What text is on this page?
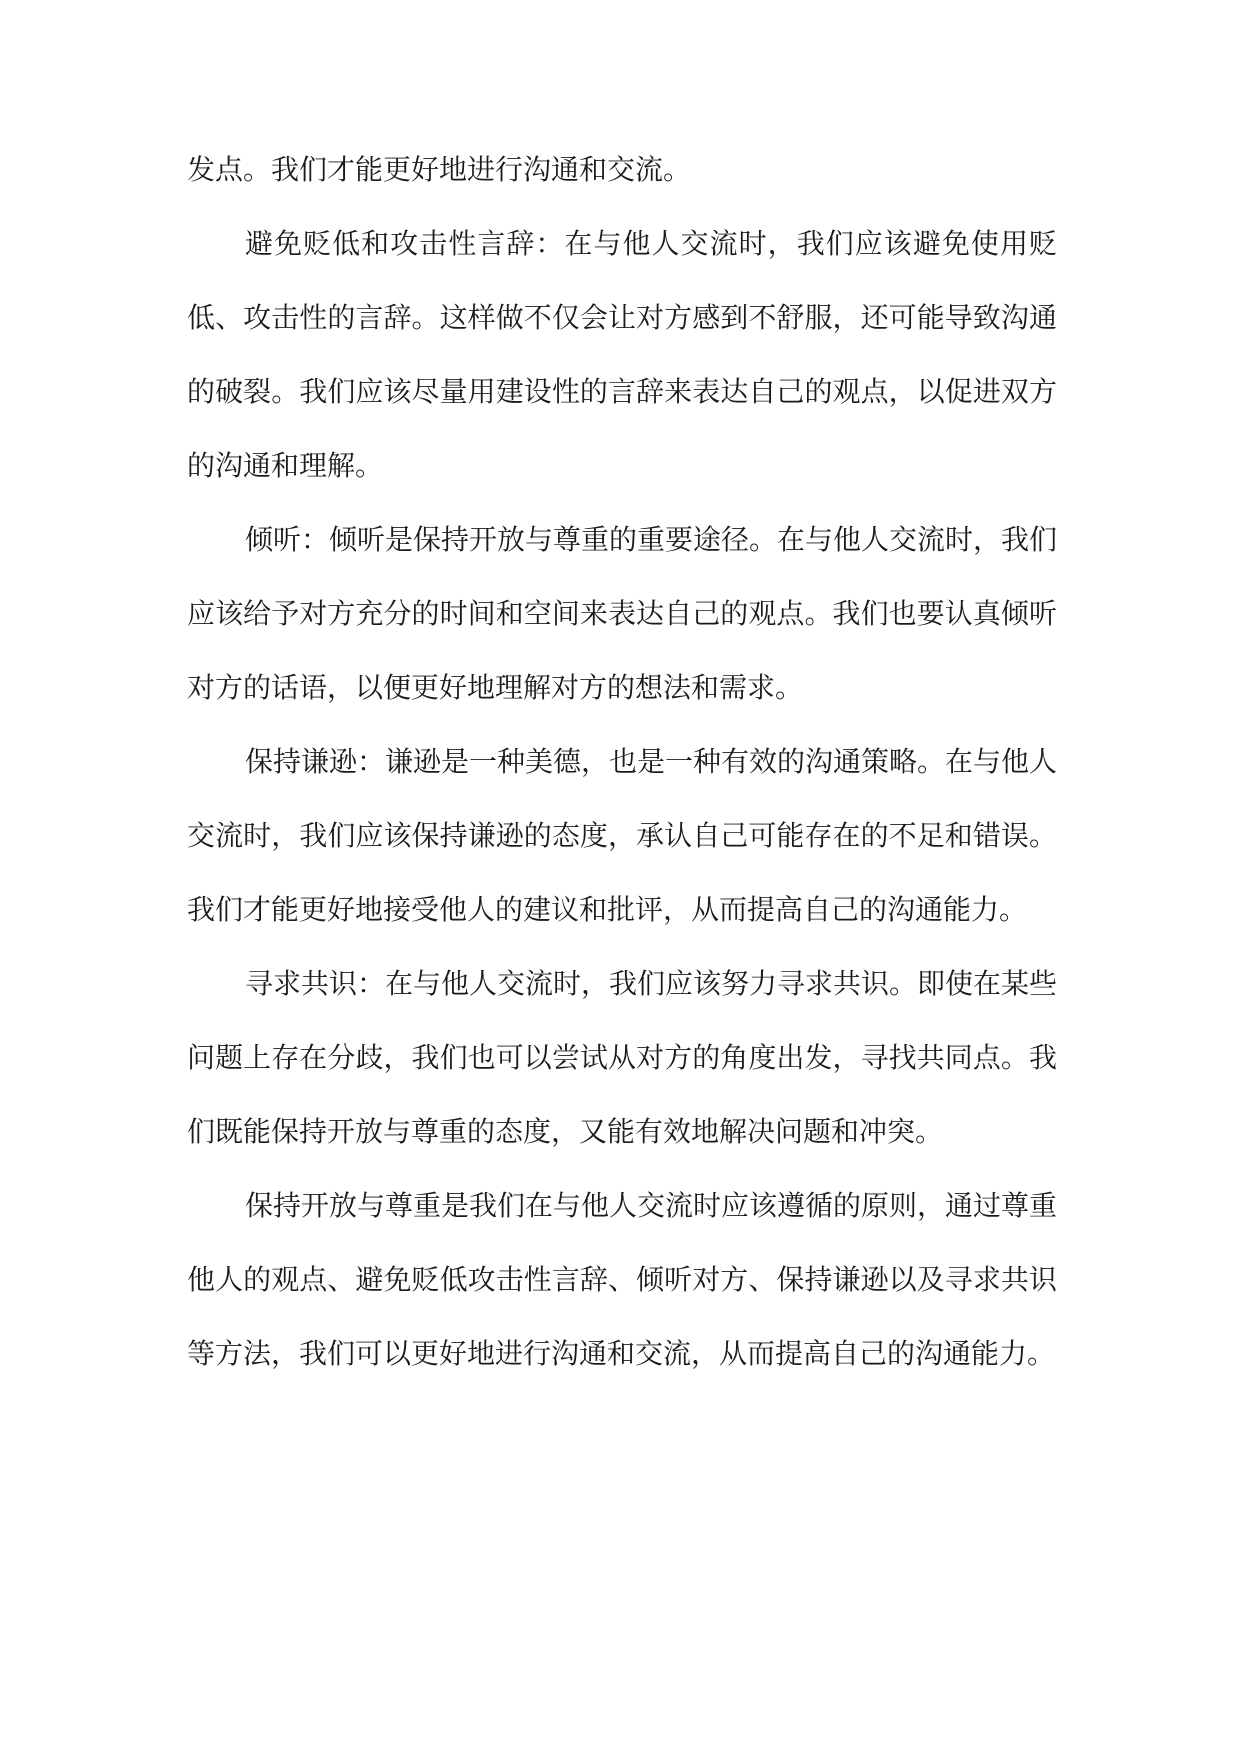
发点。我们才能更好地进行沟通和交流。

避免贬低和攻击性言辞：在与他人交流时，我们应该避免使用贬低、攻击性的言辞。这样做不仅会让对方感到不舒服，还可能导致沟通的破裂。我们应该尽量用建设性的言辞来表达自己的观点，以促进双方的沟通和理解。

倾听：倾听是保持开放与尊重的重要途径。在与他人交流时，我们应该给予对方充分的时间和空间来表达自己的观点。我们也要认真倾听对方的话语，以便更好地理解对方的想法和需求。

保持谦逊：谦逊是一种美德，也是一种有效的沟通策略。在与他人交流时，我们应该保持谦逊的态度，承认自己可能存在的不足和错误。我们才能更好地接受他人的建议和批评，从而提高自己的沟通能力。

寻求共识：在与他人交流时，我们应该努力寻求共识。即使在某些问题上存在分歧，我们也可以尝试从对方的角度出发，寻找共同点。我们既能保持开放与尊重的态度，又能有效地解决问题和冲突。

保持开放与尊重是我们在与他人交流时应该遵循的原则，通过尊重他人的观点、避免贬低攻击性言辞、倾听对方、保持谦逊以及寻求共识等方法，我们可以更好地进行沟通和交流，从而提高自己的沟通能力。
